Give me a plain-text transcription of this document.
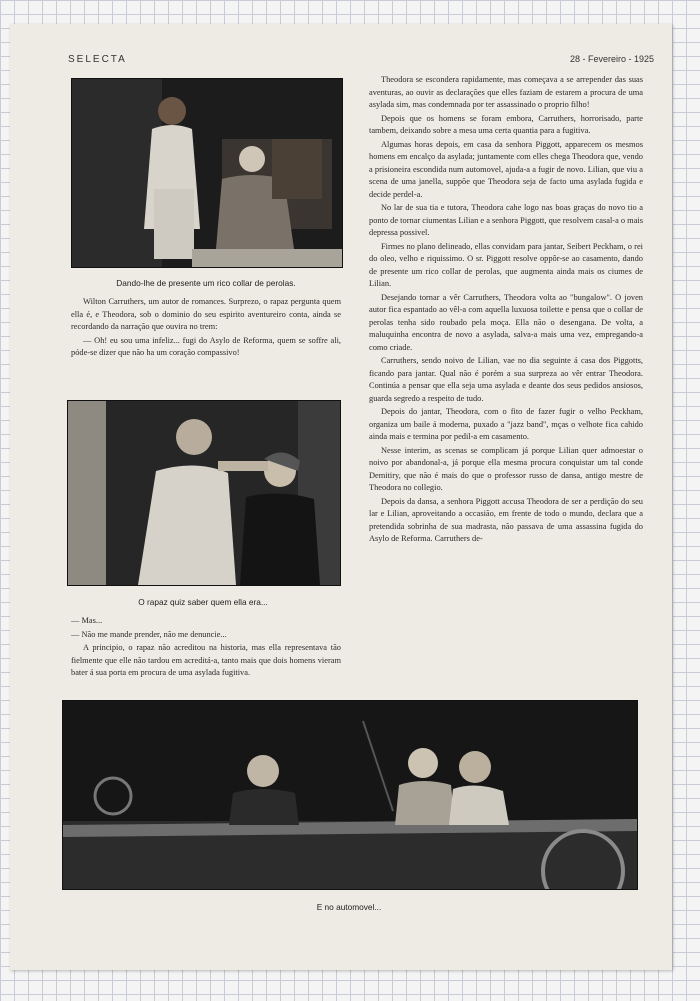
SELECTA	28 - Fevereiro - 1925
Dando-lhe de presente um rico collar de perolas.

Wilton Carruthers, um autor de romances. Surprezo, o rapaz pergunta quem ella é, e Theodora, sob o dominio do seu espirito aventureiro conta, ainda se recordando da narração que ouvira no trem:

— Oh! eu sou uma infeliz... fugi do Asylo de Reforma, quem se soffre ali, póde-se dizer que não ha um coração compassivo!

O rapaz quiz saber quem ella era...

— Mas...

— Não me mande prender, não me denuncie...

A principio, o rapaz não acreditou na historia, mas ella representava tão fielmente que elle não tardou em acreditá-a, tanto mais que dois homens vieram bater á sua porta em procura de uma asylada fugitiva.

Theodora se escondera rapidamente, mas começava a se arrepender das suas aventuras, ao ouvir as declarações que elles faziam de estarem a procura de uma asylada sim, mas condemnada por ter assassinado o proprio filho!

Depois que os homens se foram embora, Carruthers, horrorisado, parte tambem, deixando sobre a mesa uma certa quantia para a fugitiva.

Algumas horas depois, em casa da senhora Piggott, apparecem os mesmos homens em encalço da asylada; juntamente com elles chega Theodora que, vendo a prisioneira escondida num automovel, ajuda-a a fugir de novo. Lilian, que viu a scena de uma janella, suppõe que Theodora seja de facto uma asylada fugida e decide perdel-a.

No lar de sua tia e tutora, Theodora cahe logo nas boas graças do novo tio a ponto de tornar ciumentas Lilian e a senhora Piggott, que resolvem casal-a o mais depressa possivel.

Firmes no plano delineado, ellas convidam para jantar, Seibert Peckham, o rei do oleo, velho e riquissimo. O sr. Piggott resolve oppôr-se ao casamento, dando de presente um rico collar de perolas, que augmenta ainda mais os ciumes de Lilian.

Desejando tornar a vêr Carruthers, Theodora volta ao "bungalow". O joven autor fica espantado ao vêl-a com aquella luxuosa toilette e pensa que o collar de perolas tenha sido roubado pela moça. Ella não o desengana. De volta, a maluquinha encontra de novo a asylada, salva-a mais uma vez, empregando-a como criade.

Carruthers, sendo noivo de Lilian, vae no dia seguinte á casa dos Piggotts, ficando para jantar. Qual não é porém a sua surpreza ao vêr entrar Theodora. Continúa a pensar que ella seja uma asylada e deante dos seus pedidos ansiosos, guarda segredo a respeito de tudo.

Depois do jantar, Theodora, com o fito de fazer fugir o velho Peckham, organiza um baile á moderna, puxado a "jazz band", mças o velhote fica cahido ainda mais e termina por pedil-a em casamento.

Nesse interim, as scenas se complicam já porque Lilian quer admoestar o noivo por abandonal-a, já porque ella mesma procura conquistar um tal conde Demitiry, que não é mais do que o professor russo de dansa, antigo mestre de Theodora no collegio.

Depois da dansa, a senhora Piggott accusa Theodora de ser a perdição do seu lar e Lilian, aproveitando a occasião, em frente de todo o mundo, declara que a pretendida sobrinha de sua madrasta, não passava de uma assassina fugida do Asylo de Reforma. Carruthers de-

E no automovel...
